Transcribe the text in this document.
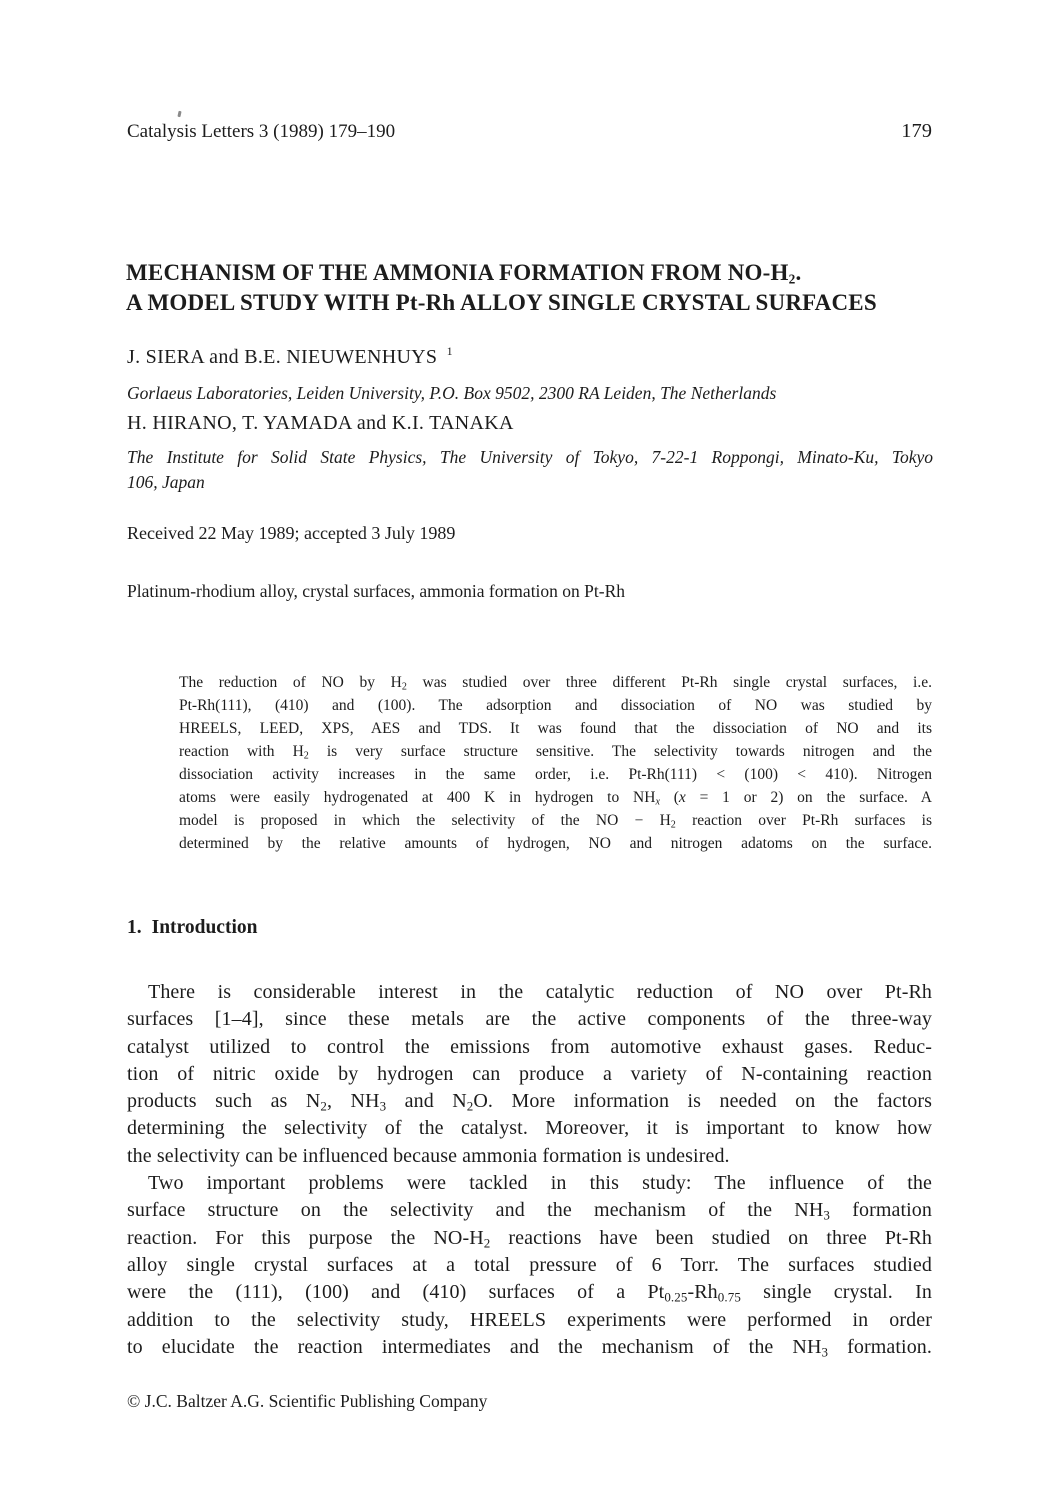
Catalysis Letters 3 (1989) 179–190	179
MECHANISM OF THE AMMONIA FORMATION FROM $NO-H_2$.
A MODEL STUDY WITH Pt-Rh ALLOY SINGLE CRYSTAL SURFACES
J. SIERA and B.E. NIEUWENHUYS $^1$
Gorlaeus Laboratories, Leiden University, P.O. Box 9502, 2300 RA Leiden, The Netherlands
H. HIRANO, T. YAMADA and K.I. TANAKA
The Institute for Solid State Physics, The University of Tokyo, 7-22-1 Roppongi, Minato-Ku, Tokyo
106, Japan
Received 22 May 1989; accepted 3 July 1989
Platinum-rhodium alloy, crystal surfaces, ammonia formation on Pt-Rh
The reduction of NO by $H_2$ was studied over three different Pt-Rh single crystal surfaces, i.e.
Pt-Rh(111), (410) and (100). The adsorption and dissociation of NO was studied by
HREELS, LEED, XPS, AES and TDS. It was found that the dissociation of NO and its
reaction with $H_2$ is very surface structure sensitive. The selectivity towards nitrogen and the
dissociation activity increases in the same order, i.e. Pt-Rh(111) < (100) < 410). Nitrogen
atoms were easily hydrogenated at 400 K in hydrogen to $NH_x$ (x = 1 or 2) on the surface. A
model is proposed in which the selectivity of the NO − $H_2$ reaction over Pt-Rh surfaces is
determined by the relative amounts of hydrogen, NO and nitrogen adatoms on the surface.
1. Introduction
There is considerable interest in the catalytic reduction of NO over Pt-Rh
surfaces [1–4], since these metals are the active components of the three-way
catalyst utilized to control the emissions from automotive exhaust gases. Reduc-
tion of nitric oxide by hydrogen can produce a variety of N-containing reaction
products such as $N_2$, $NH_3$ and $N_2O$. More information is needed on the factors
determining the selectivity of the catalyst. Moreover, it is important to know how
the selectivity can be influenced because ammonia formation is undesired.
Two important problems were tackled in this study: The influence of the
surface structure on the selectivity and the mechanism of the $NH_3$ formation
reaction. For this purpose the $NO-H_2$ reactions have been studied on three Pt-Rh
alloy single crystal surfaces at a total pressure of 6 Torr. The surfaces studied
were the (111), (100) and (410) surfaces of a $Pt_{0.25}-Rh_{0.75}$ single crystal. In
addition to the selectivity study, HREELS experiments were performed in order
to elucidate the reaction intermediates and the mechanism of the $NH_3$ formation.
© J.C. Baltzer A.G. Scientific Publishing Company
